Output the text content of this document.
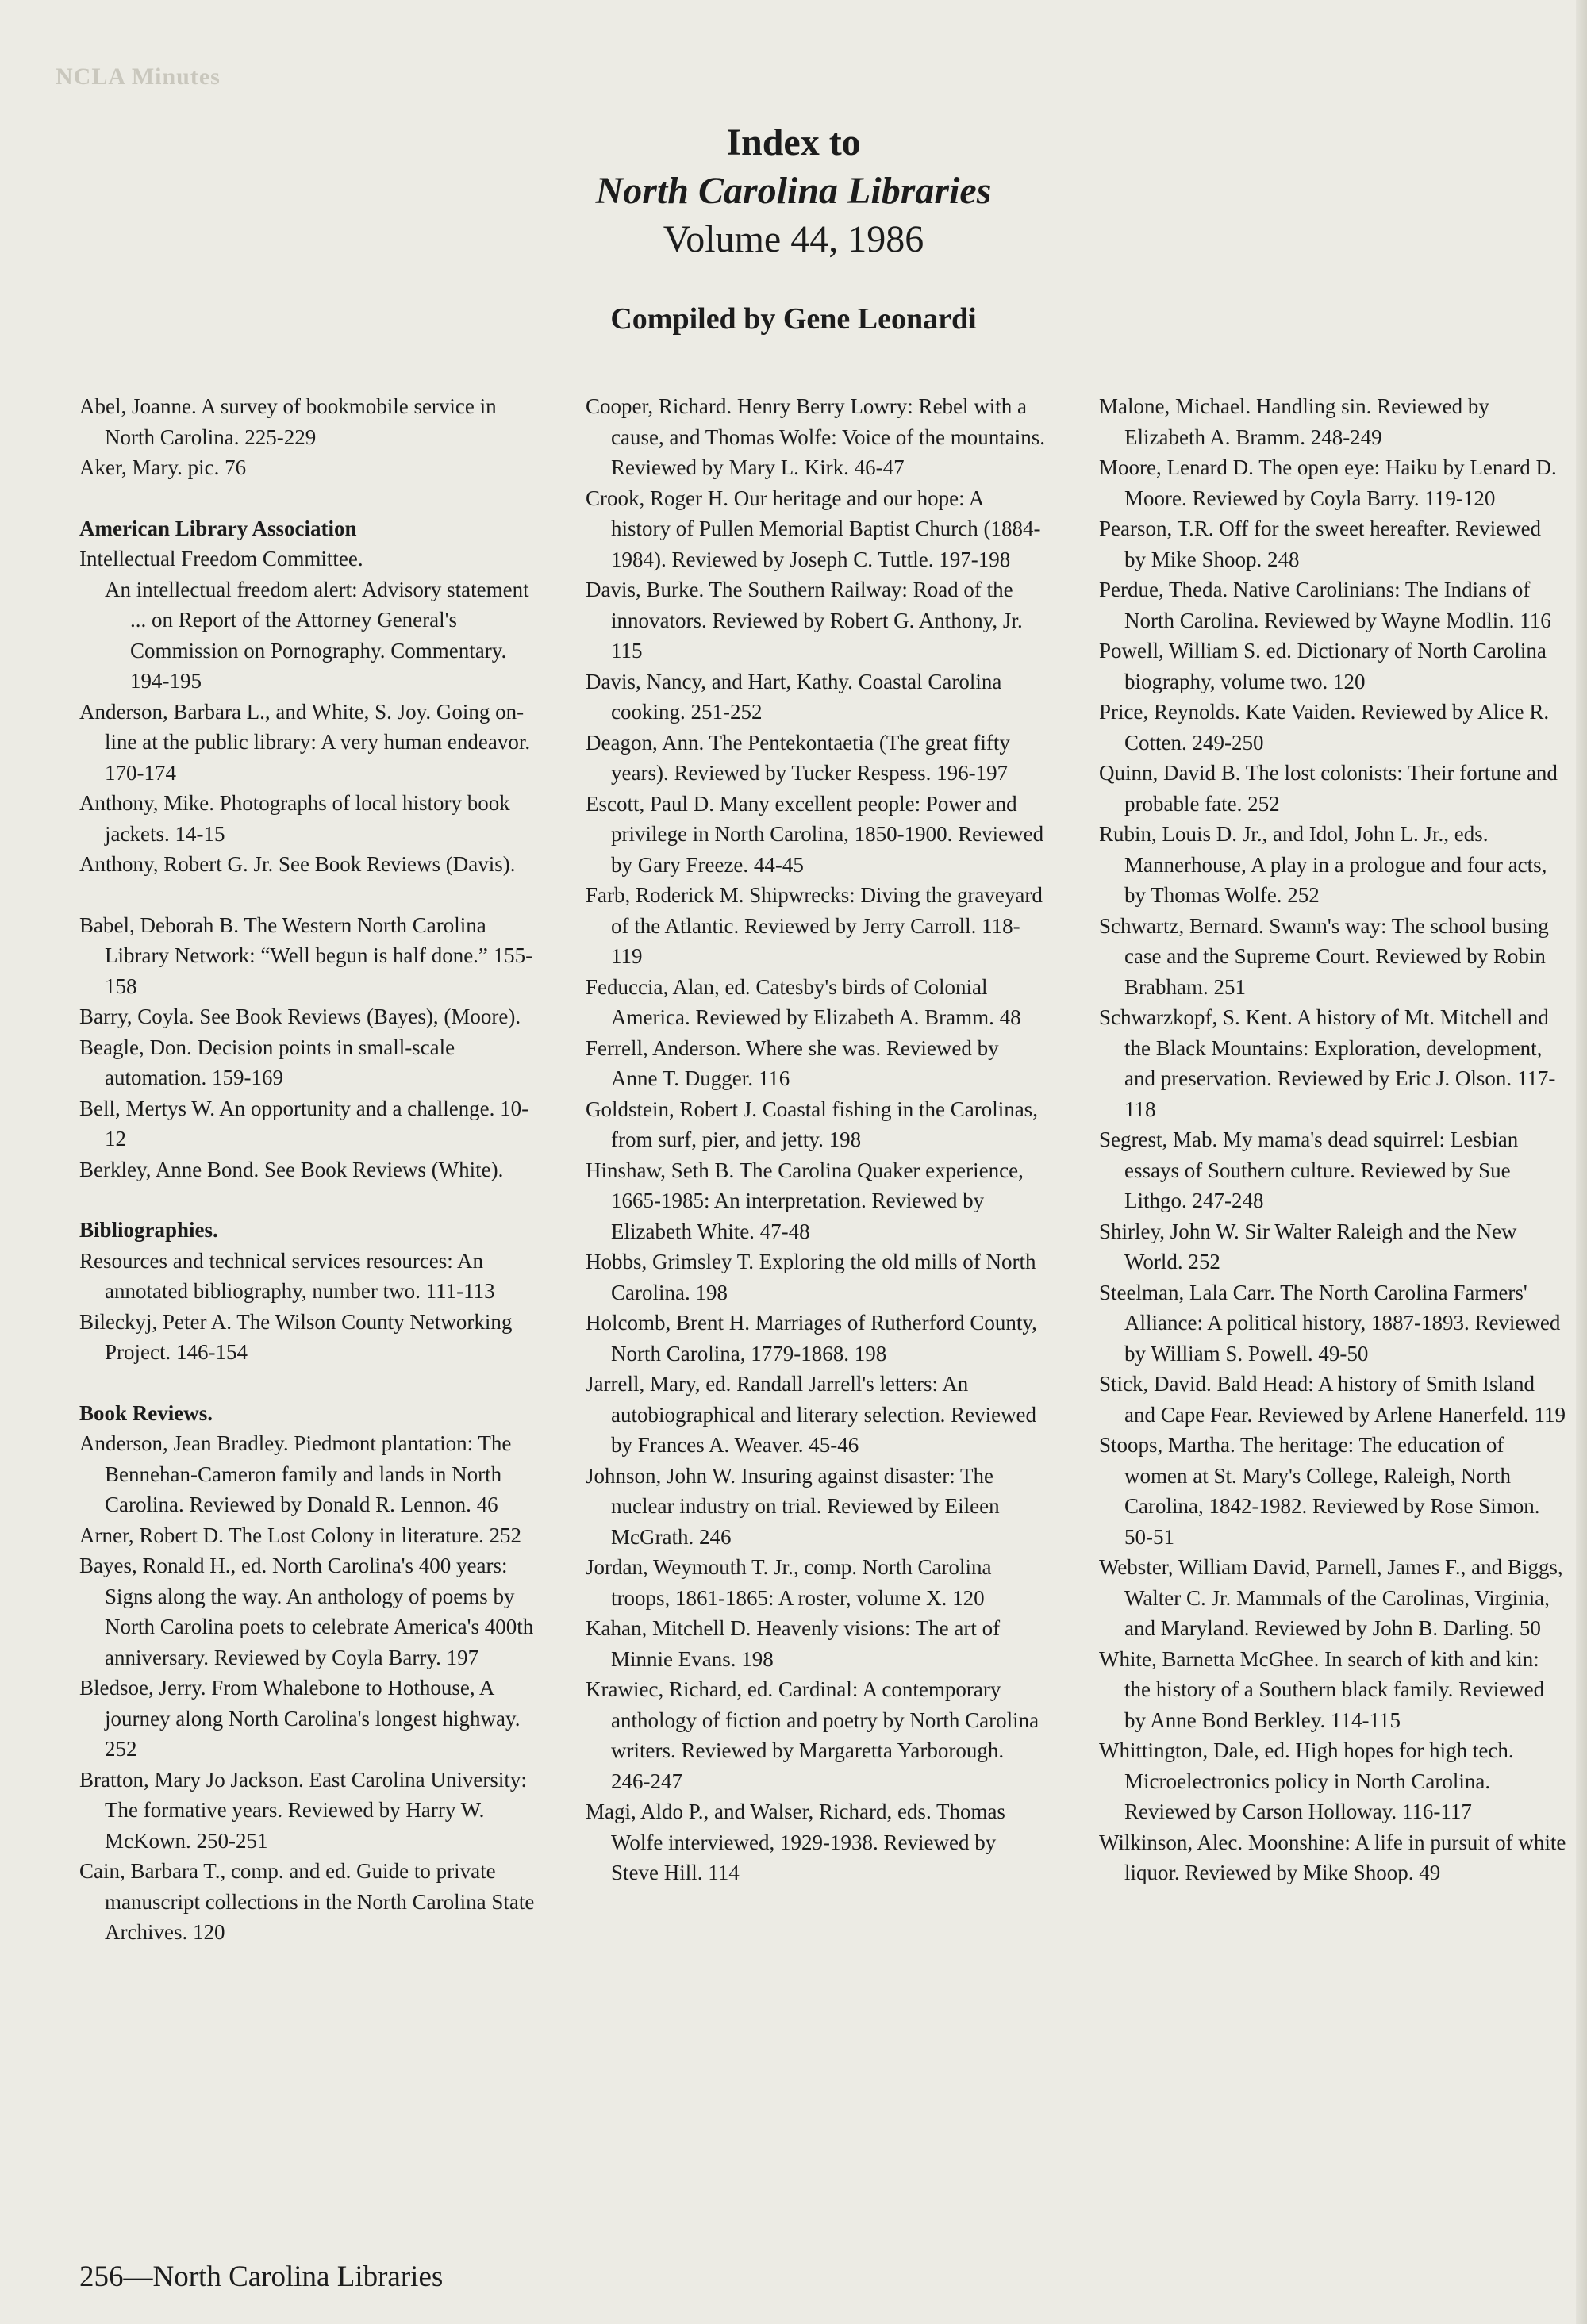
NCLA Minutes
Index to
North Carolina Libraries
Volume 44, 1986
Compiled by Gene Leonardi
Abel, Joanne. A survey of bookmobile service in North Carolina. 225-229
Aker, Mary. pic. 76
American Library Association
Intellectual Freedom Committee.
An intellectual freedom alert: Advisory statement ... on Report of the Attorney General's Commission on Pornography. Commentary. 194-195
Anderson, Barbara L., and White, S. Joy. Going on-line at the public library: A very human endeavor. 170-174
Anthony, Mike. Photographs of local history book jackets. 14-15
Anthony, Robert G. Jr. See Book Reviews (Davis).
Babel, Deborah B. The Western North Carolina Library Network: “Well begun is half done.” 155-158
Barry, Coyla. See Book Reviews (Bayes), (Moore).
Beagle, Don. Decision points in small-scale automation. 159-169
Bell, Mertys W. An opportunity and a challenge. 10-12
Berkley, Anne Bond. See Book Reviews (White).
Bibliographies.
Resources and technical services resources: An annotated bibliography, number two. 111-113
Bileckyj, Peter A. The Wilson County Networking Project. 146-154
Book Reviews.
Anderson, Jean Bradley. Piedmont plantation: The Bennehan-Cameron family and lands in North Carolina. Reviewed by Donald R. Lennon. 46
Arner, Robert D. The Lost Colony in literature. 252
Bayes, Ronald H., ed. North Carolina's 400 years: Signs along the way. An anthology of poems by North Carolina poets to celebrate America's 400th anniversary. Reviewed by Coyla Barry. 197
Bledsoe, Jerry. From Whalebone to Hothouse, A journey along North Carolina's longest highway. 252
Bratton, Mary Jo Jackson. East Carolina University: The formative years. Reviewed by Harry W. McKown. 250-251
Cain, Barbara T., comp. and ed. Guide to private manuscript collections in the North Carolina State Archives. 120
Cooper, Richard. Henry Berry Lowry: Rebel with a cause, and Thomas Wolfe: Voice of the mountains. Reviewed by Mary L. Kirk. 46-47
Crook, Roger H. Our heritage and our hope: A history of Pullen Memorial Baptist Church (1884-1984). Reviewed by Joseph C. Tuttle. 197-198
Davis, Burke. The Southern Railway: Road of the innovators. Reviewed by Robert G. Anthony, Jr. 115
Davis, Nancy, and Hart, Kathy. Coastal Carolina cooking. 251-252
Deagon, Ann. The Pentekontaetia (The great fifty years). Reviewed by Tucker Respess. 196-197
Escott, Paul D. Many excellent people: Power and privilege in North Carolina, 1850-1900. Reviewed by Gary Freeze. 44-45
Farb, Roderick M. Shipwrecks: Diving the graveyard of the Atlantic. Reviewed by Jerry Carroll. 118-119
Feduccia, Alan, ed. Catesby's birds of Colonial America. Reviewed by Elizabeth A. Bramm. 48
Ferrell, Anderson. Where she was. Reviewed by Anne T. Dugger. 116
Goldstein, Robert J. Coastal fishing in the Carolinas, from surf, pier, and jetty. 198
Hinshaw, Seth B. The Carolina Quaker experience, 1665-1985: An interpretation. Reviewed by Elizabeth White. 47-48
Hobbs, Grimsley T. Exploring the old mills of North Carolina. 198
Holcomb, Brent H. Marriages of Rutherford County, North Carolina, 1779-1868. 198
Jarrell, Mary, ed. Randall Jarrell's letters: An autobiographical and literary selection. Reviewed by Frances A. Weaver. 45-46
Johnson, John W. Insuring against disaster: The nuclear industry on trial. Reviewed by Eileen McGrath. 246
Jordan, Weymouth T. Jr., comp. North Carolina troops, 1861-1865: A roster, volume X. 120
Kahan, Mitchell D. Heavenly visions: The art of Minnie Evans. 198
Krawiec, Richard, ed. Cardinal: A contemporary anthology of fiction and poetry by North Carolina writers. Reviewed by Margaretta Yarborough. 246-247
Magi, Aldo P., and Walser, Richard, eds. Thomas Wolfe interviewed, 1929-1938. Reviewed by Steve Hill. 114
Malone, Michael. Handling sin. Reviewed by Elizabeth A. Bramm. 248-249
Moore, Lenard D. The open eye: Haiku by Lenard D. Moore. Reviewed by Coyla Barry. 119-120
Pearson, T.R. Off for the sweet hereafter. Reviewed by Mike Shoop. 248
Perdue, Theda. Native Carolinians: The Indians of North Carolina. Reviewed by Wayne Modlin. 116
Powell, William S. ed. Dictionary of North Carolina biography, volume two. 120
Price, Reynolds. Kate Vaiden. Reviewed by Alice R. Cotten. 249-250
Quinn, David B. The lost colonists: Their fortune and probable fate. 252
Rubin, Louis D. Jr., and Idol, John L. Jr., eds. Mannerhouse, A play in a prologue and four acts, by Thomas Wolfe. 252
Schwartz, Bernard. Swann's way: The school busing case and the Supreme Court. Reviewed by Robin Brabham. 251
Schwarzkopf, S. Kent. A history of Mt. Mitchell and the Black Mountains: Exploration, development, and preservation. Reviewed by Eric J. Olson. 117-118
Segrest, Mab. My mama's dead squirrel: Lesbian essays of Southern culture. Reviewed by Sue Lithgo. 247-248
Shirley, John W. Sir Walter Raleigh and the New World. 252
Steelman, Lala Carr. The North Carolina Farmers' Alliance: A political history, 1887-1893. Reviewed by William S. Powell. 49-50
Stick, David. Bald Head: A history of Smith Island and Cape Fear. Reviewed by Arlene Hanerfeld. 119
Stoops, Martha. The heritage: The education of women at St. Mary's College, Raleigh, North Carolina, 1842-1982. Reviewed by Rose Simon. 50-51
Webster, William David, Parnell, James F., and Biggs, Walter C. Jr. Mammals of the Carolinas, Virginia, and Maryland. Reviewed by John B. Darling. 50
White, Barnetta McGhee. In search of kith and kin: the history of a Southern black family. Reviewed by Anne Bond Berkley. 114-115
Whittington, Dale, ed. High hopes for high tech. Microelectronics policy in North Carolina. Reviewed by Carson Holloway. 116-117
Wilkinson, Alec. Moonshine: A life in pursuit of white liquor. Reviewed by Mike Shoop. 49
256—North Carolina Libraries
